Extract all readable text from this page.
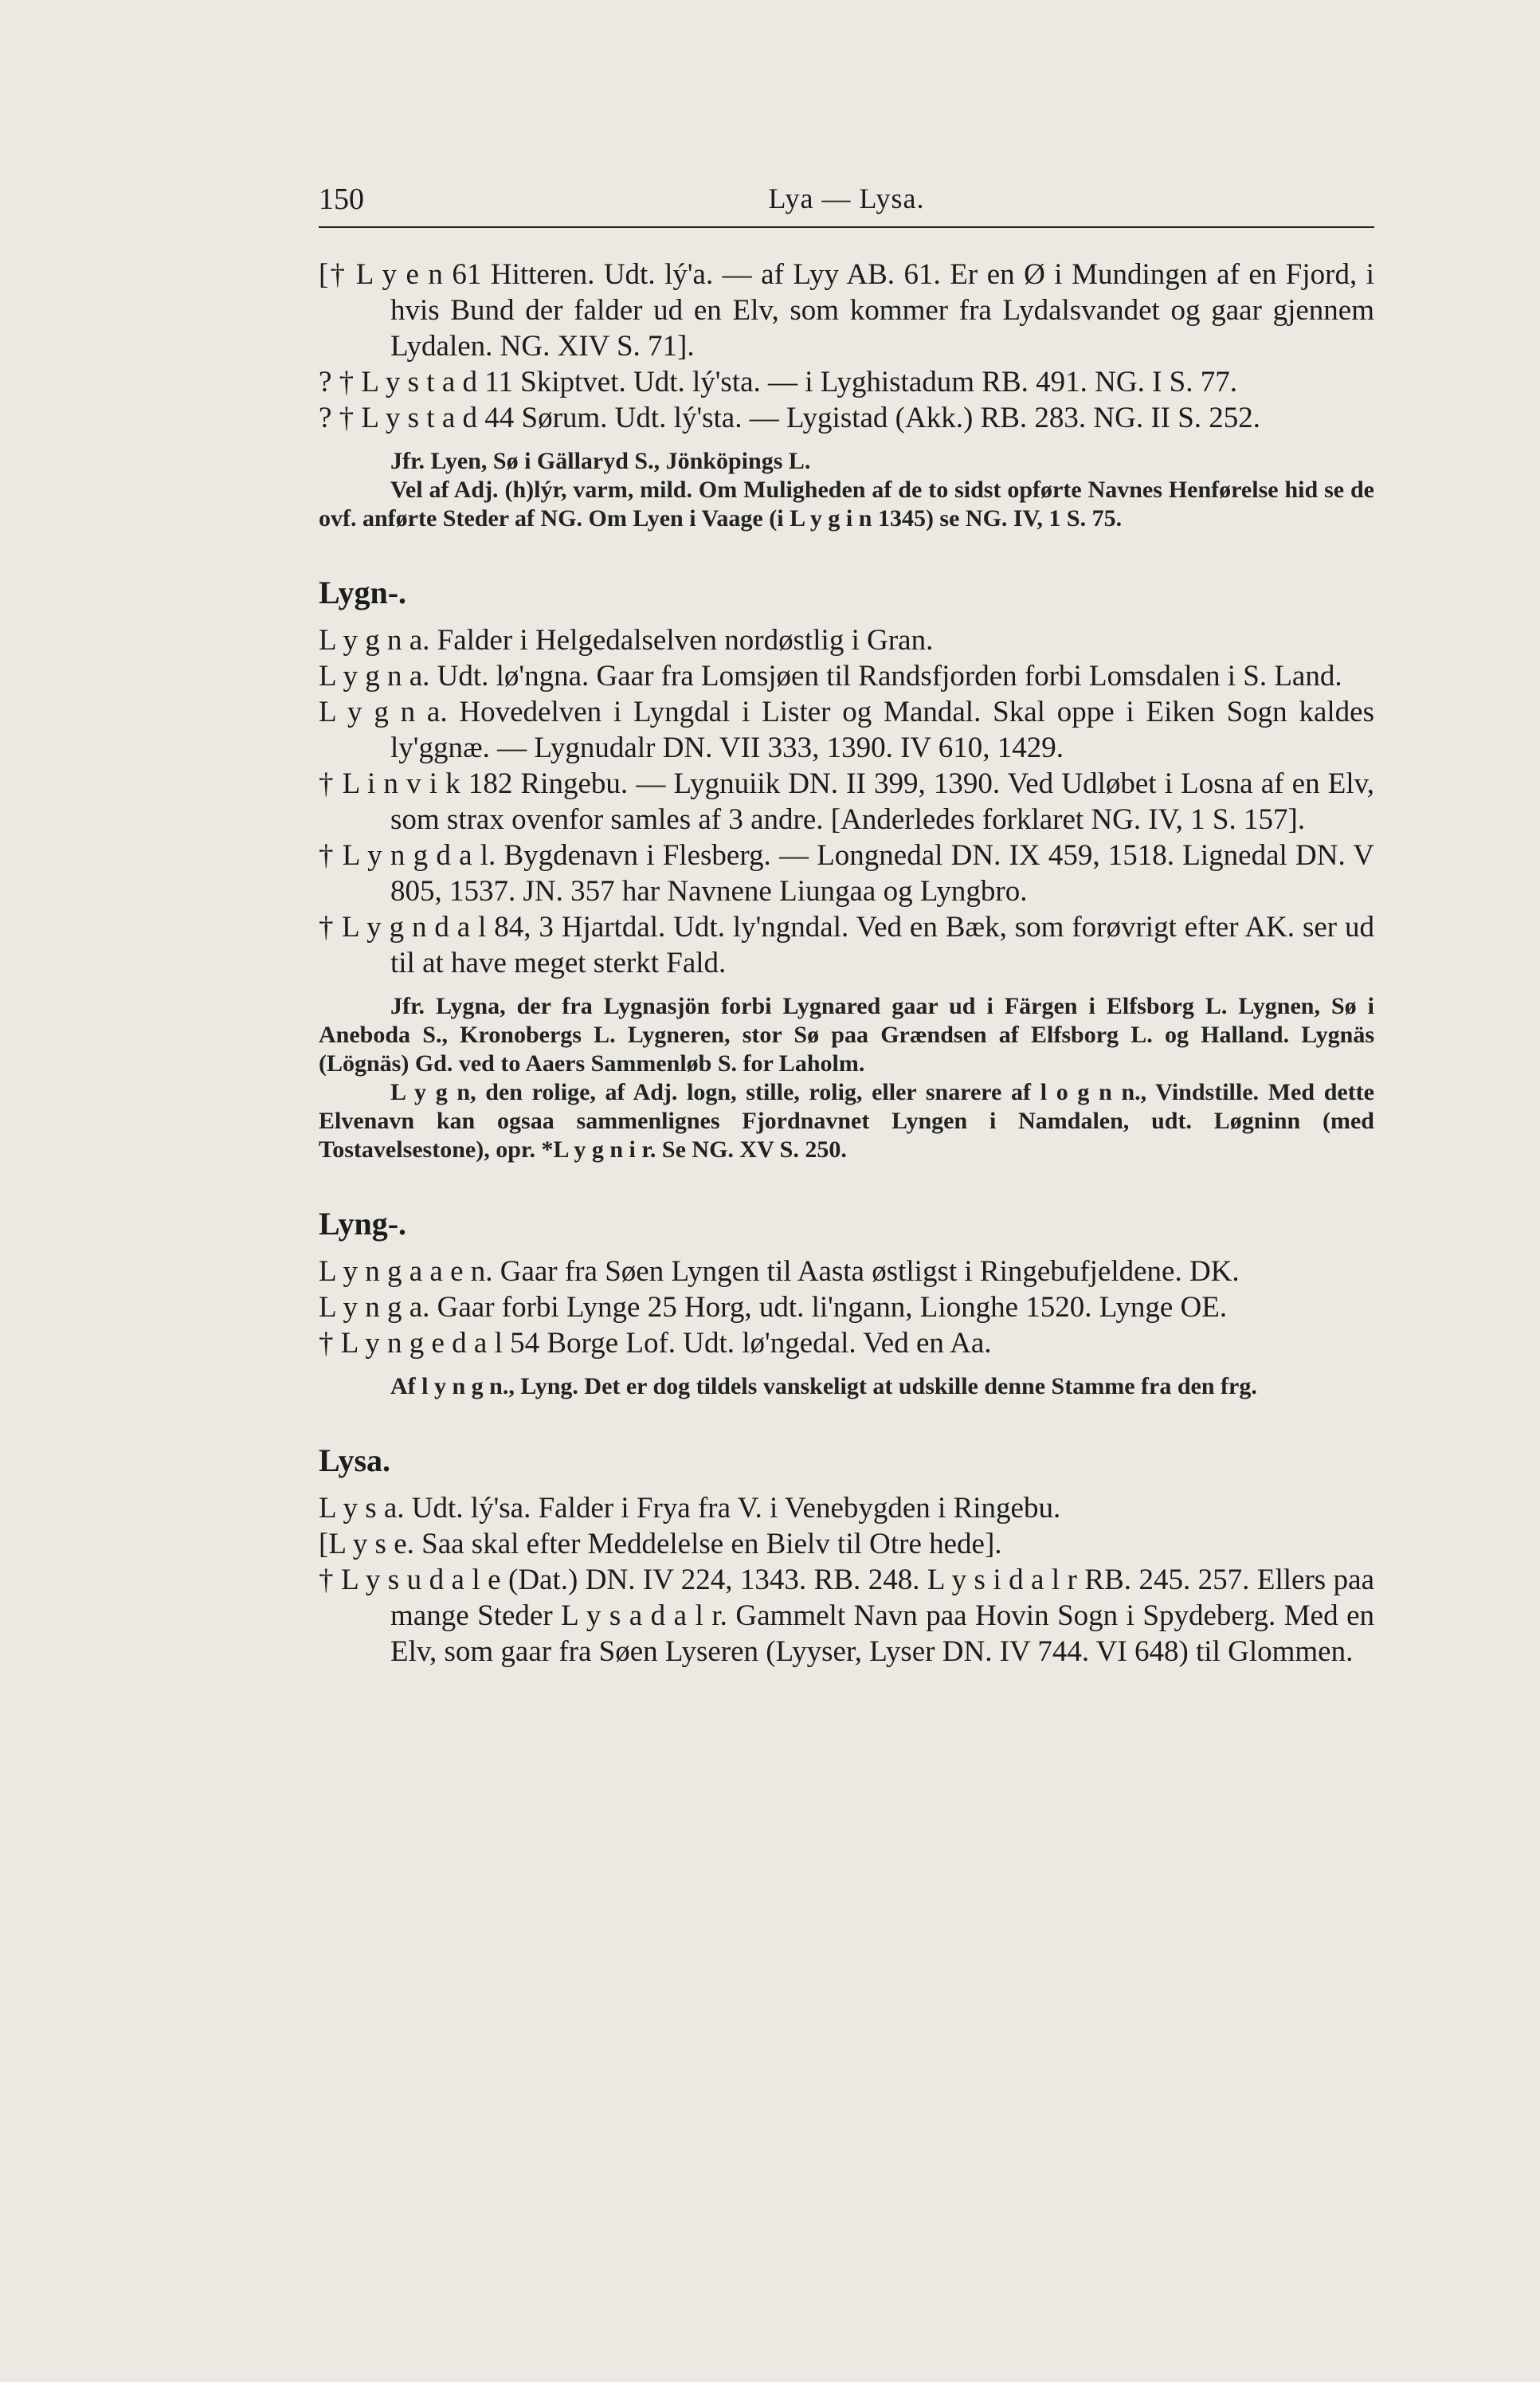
150	Lya — Lysa.

[† L y e n 61 Hitteren. Udt. lý'a. — af Lyy AB. 61. Er en Ø i Mundingen af en Fjord, i hvis Bund der falder ud en Elv, som kommer fra Lydalsvandet og gaar gjennem Lydalen. NG. XIV S. 71].

? † L y s t a d 11 Skiptvet. Udt. lý'sta. — i Lyghistadum RB. 491. NG. I S. 77.

? † L y s t a d 44 Sørum. Udt. lý'sta. — Lygistad (Akk.) RB. 283. NG. II S. 252.

Jfr. Lyen, Sø i Gällaryd S., Jönköpings L.

Vel af Adj. (h)lýr, varm, mild. Om Muligheden af de to sidst opførte Navnes Henførelse hid se de ovf. anførte Steder af NG. Om Lyen i Vaage (i L y g i n 1345) se NG. IV, 1 S. 75.

Lygn-.

L y g n a. Falder i Helgedalselven nordøstlig i Gran.

L y g n a. Udt. lø'ngna. Gaar fra Lomsjøen til Randsfjorden forbi Lomsdalen i S. Land.

L y g n a. Hovedelven i Lyngdal i Lister og Mandal. Skal oppe i Eiken Sogn kaldes ly'ggnæ. — Lygnudalr DN. VII 333, 1390. IV 610, 1429.

† L i n v i k 182 Ringebu. — Lygnuiik DN. II 399, 1390. Ved Udløbet i Losna af en Elv, som strax ovenfor samles af 3 andre. [Anderledes forklaret NG. IV, 1 S. 157].

† L y n g d a l. Bygdenavn i Flesberg. — Longnedal DN. IX 459, 1518. Lignedal DN. V 805, 1537. JN. 357 har Navnene Liungaa og Lyngbro.

† L y g n d a l 84, 3 Hjartdal. Udt. ly'ngndal. Ved en Bæk, som forøvrigt efter AK. ser ud til at have meget sterkt Fald.

Jfr. Lygna, der fra Lygnasjön forbi Lygnared gaar ud i Färgen i Elfsborg L. Lygnen, Sø i Aneboda S., Kronobergs L. Lygneren, stor Sø paa Grændsen af Elfsborg L. og Halland. Lygnäs (Lögnäs) Gd. ved to Aaers Sammenløb S. for Laholm.

L y g n, den rolige, af Adj. logn, stille, rolig, eller snarere af l o g n n., Vindstille. Med dette Elvenavn kan ogsaa sammenlignes Fjordnavnet Lyngen i Namdalen, udt. Løgninn (med Tostavelsestone), opr. *L y g n i r. Se NG. XV S. 250.

Lyng-.

L y n g a a e n. Gaar fra Søen Lyngen til Aasta østligst i Ringebufjeldene. DK.

L y n g a. Gaar forbi Lynge 25 Horg, udt. li'ngann, Lionghe 1520. Lynge OE.

† L y n g e d a l 54 Borge Lof. Udt. lø'ngedal. Ved en Aa.

Af l y n g n., Lyng. Det er dog tildels vanskeligt at udskille denne Stamme fra den frg.

Lysa.

L y s a. Udt. lý'sa. Falder i Frya fra V. i Venebygden i Ringebu.

[L y s e. Saa skal efter Meddelelse en Bielv til Otre hede].

† L y s u d a l e (Dat.) DN. IV 224, 1343. RB. 248. L y s i d a l r RB. 245. 257. Ellers paa mange Steder L y s a d a l r. Gammelt Navn paa Hovin Sogn i Spydeberg. Med en Elv, som gaar fra Søen Lyseren (Lyyser, Lyser DN. IV 744. VI 648) til Glommen.
